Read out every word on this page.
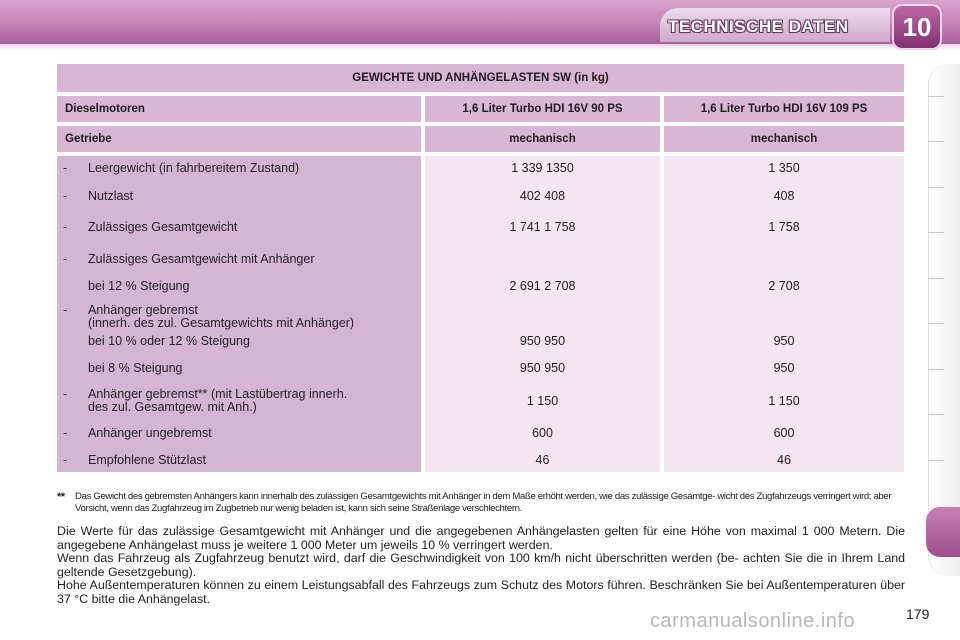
TECHNISCHE DATEN	10
GEWICHTE UND ANHÄNGELASTEN SW (in kg)
Dieselmotoren	1,6 Liter Turbo HDI 16V 90 PS	1,6 Liter Turbo HDI 16V 109 PS
Getriebe	mechanisch	mechanisch
- Leergewicht (in fahrbereitem Zustand)	1 339 1350	1 350
- Nutzlast	402 408	408
- Zulässiges Gesamtgewicht	1 741 1 758	1 758
- Zulässiges Gesamtgewicht mit Anhänger
bei 12 % Steigung	2 691 2 708	2 708
- Anhänger gebremst
(innerh. des zul. Gesamtgewichts mit Anhänger)
bei 10 % oder 12 % Steigung	950 950	950
bei 8 % Steigung	950 950	950
- Anhänger gebremst** (mit Lastübertrag innerh.
des zul. Gesamtgew. mit Anh.)	1 150	1 150
- Anhänger ungebremst	600	600
- Empfohlene Stützlast	46	46
** Das Gewicht des gebremsten Anhängers kann innerhalb des zulässigen Gesamtgewichts mit Anhänger in dem Maße erhöht werden, wie das zulässige Gesamtge- wicht des Zugfahrzeugs verringert wird; aber Vorsicht, wenn das Zugfahrzeug im Zugbetrieb nur wenig beladen ist, kann sich seine Straßenlage verschlechtern.

Die Werte für das zulässige Gesamtgewicht mit Anhänger und die angegebenen Anhängelasten gelten für eine Höhe von maximal 1 000 Metern. Die angegebene Anhängelast muss je weitere 1 000 Meter um jeweils 10 % verringert werden.

Wenn das Fahrzeug als Zugfahrzeug benutzt wird, darf die Geschwindigkeit von 100 km/h nicht überschritten werden (be- achten Sie die in Ihrem Land geltende Gesetzgebung).

Hohe Außentemperaturen können zu einem Leistungsabfall des Fahrzeugs zum Schutz des Motors führen. Beschränken Sie bei Außentemperaturen über 37 °C bitte die Anhängelast.

carmanualsonline.info	179
